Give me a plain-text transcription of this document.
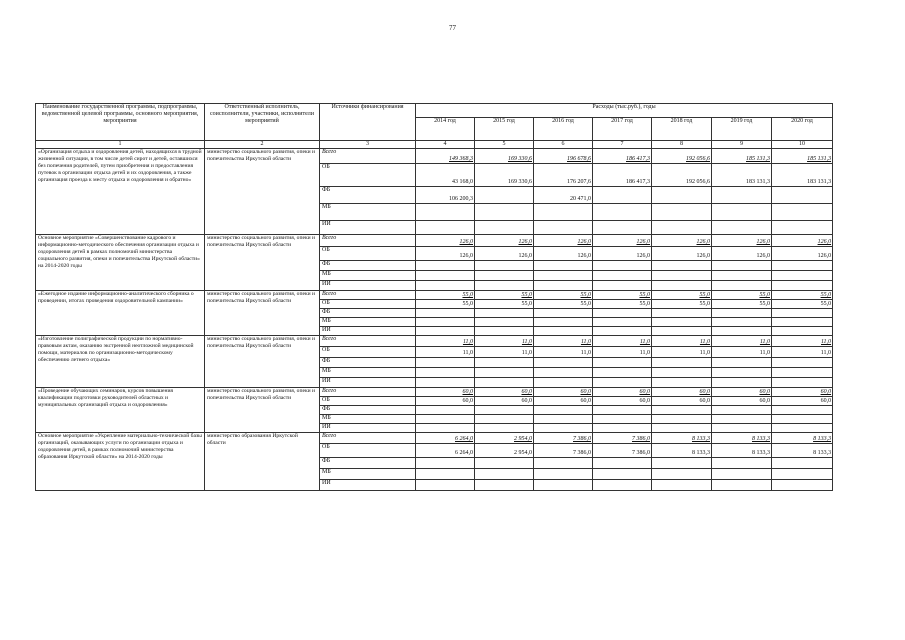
77
Наименование государственной программы, подпрограммы, ведомственной целевой программы, основного мероприятия, мероприятия	Ответственный исполнитель, соисполнители, участники, исполнители мероприятий	Источники финансирования	Расходы (тыс.руб.), годы						
			2014 год	2015 год	2016 год	2017 год	2018 год	2019 год	2020 год
1	2	3	4	5	6	7	8	9	10
«Организация отдыха и оздоровления детей, находящихся в трудной жизненной ситуации, в том числе детей сирот и детей, оставшихся без попечения родителей, путем приобретения и предоставления путевок в организации отдыха детей и их оздоровления, а также организация проезда к месту отдыха и оздоровления и обратно»	министерство социального развития, опеки и попечительства Иркутской области	Всего	149 368,3	169 330,6	196 678,6	186 417,3	192 056,6	185 131,3	185 131,3
		ОБ	43 168,0	169 330,6	176 207,6	186 417,3	192 056,6	183 131,3	183 131,3
		ФБ	106 200,3		20 471,0				
		МБ							
		ИИ							
Основное мероприятие «Совершенствование кадрового и информационно-методического обеспечения организации отдыха и оздоровления детей в рамках полномочий министерства социального развития, опеки и попечительства Иркутской области» на 2014-2020 годы	министерство социального развития, опеки и попечительства Иркутской области	Всего	126,0	126,0	126,0	126,0	126,0	126,0	126,0
		ОБ	126,0	126,0	126,0	126,0	126,0	126,0	126,0
		ФБ							
		МБ							
		ИИ							
«Ежегодное издание информационно-аналитического сборника о проведении, итогах проведения оздоровительной кампании»	министерство социального развития, опеки и попечительства Иркутской области	Всего	55,0	55,0	55,0	55,0	55,0	55,0	55,0
		ОБ	55,0	55,0	55,0	55,0	55,0	55,0	55,0
		ФБ							
		МБ							
		ИИ							
«Изготовление полиграфической продукции по нормативно-правовым актам, оказанию экстренной неотложной медицинской помощи, материалов по организационно-методическому обеспечению летнего отдыха»	министерство социального развития, опеки и попечительства Иркутской области	Всего	11,0	11,0	11,0	11,0	11,0	11,0	11,0
		ОБ	11,0	11,0	11,0	11,0	11,0	11,0	11,0
		ФБ							
		МБ							
		ИИ							
«Проведение обучающих семинаров, курсов повышения квалификации подготовки руководителей областных и муниципальных организаций отдыха и оздоровления»	министерство социального развития, опеки и попечительства Иркутской области	Всего	60,0	60,0	60,0	60,0	60,0	60,0	60,0
		ОБ	60,0	60,0	60,0	60,0	60,0	60,0	60,0
		ФБ							
		МБ							
		ИИ							
Основное мероприятие «Укрепление материально-технической базы организаций, оказывающих услуги по организации отдыха и оздоровления детей, в рамках полномочий министерства образования Иркутской области» на 2014-2020 годы	министерство образования Иркутской области	Всего	6 264,0	2 954,0	7 386,0	7 386,0	8 133,3	8 133,3	8 133,3
		ОБ	6 264,0	2 954,0	7 386,0	7 386,0	8 133,3	8 133,3	8 133,3
		ФБ							
		МБ							
		ИИ							
